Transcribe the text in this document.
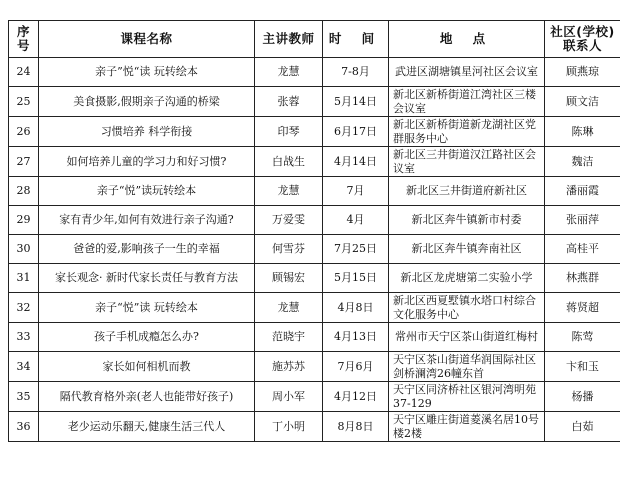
序号	课程名称	主讲教师	时 间	地 点	社区(学校)
联系人

24	亲子”悦“读 玩转绘本	龙慧	7-8月	武进区湖塘镇星河社区会议室	顾燕琼
25	美食摄影,假期亲子沟通的桥梁	张蓉	5月14日	新北区新桥街道江湾社区三楼会议室	顾文洁
26	习惯培养 科学衔接	印琴	6月17日	新北区新桥街道新龙湖社区党群服务中心	陈琳
27	如何培养儿童的学习力和好习惯?	白战生	4月14日	新北区三井街道汉江路社区会议室	魏洁
28	亲子“悦”读玩转绘本	龙慧	7月	新北区三井街道府新社区	潘丽霞
29	家有青少年,如何有效进行亲子沟通?	万爱雯	4月	新北区奔牛镇新市村委	张丽萍
30	爸爸的爱,影响孩子一生的幸福	何雪芬	7月25日	新北区奔牛镇奔南社区	高桂平
31	家长观念· 新时代家长责任与教育方法	顾锡宏	5月15日	新北区龙虎塘第二实验小学	林燕群
32	亲子“悦”读 玩转绘本	龙慧	4月8日	新北区西夏墅镇水塔口村综合文化服务中心	蒋贤超
33	孩子手机成瘾怎么办?	范晓宇	4月13日	常州市天宁区茶山街道红梅村	陈莺
34	家长如何相机而教	施苏苏	7月6月	天宁区茶山街道华润国际社区剑桥澜湾26幢东首	卞和玉
35	隔代教育格外亲(老人也能带好孩子)	周小军	4月12日	天宁区同济桥社区银河湾明苑37-129	杨播
36	老少运动乐翻天,健康生活三代人	丁小明	8月8日	天宁区雕庄街道菱溪名居10号楼2楼	白茹
